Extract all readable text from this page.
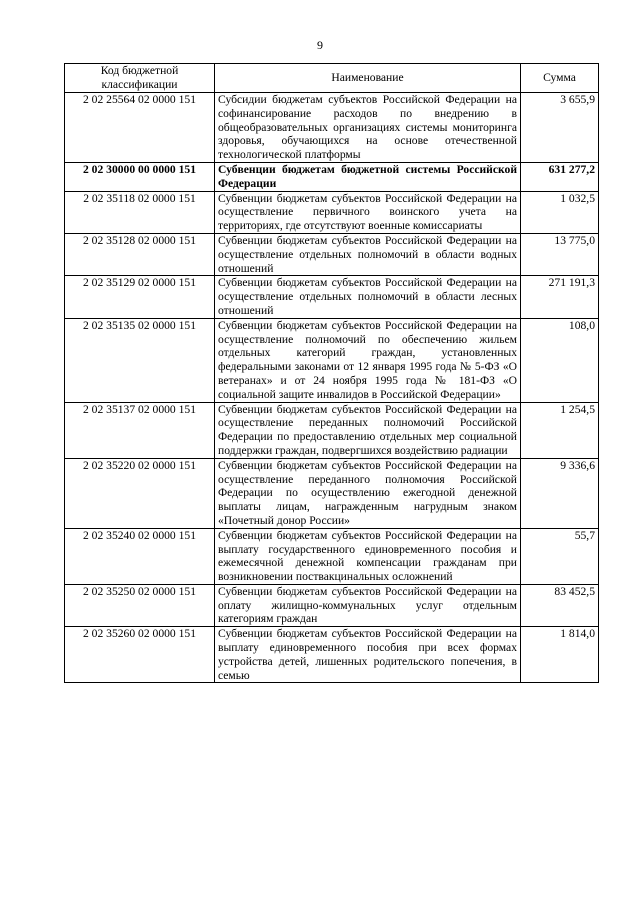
9
Код бюджетной классификации	Наименование	Сумма
2 02 25564 02 0000 151	Субсидии бюджетам субъектов Российской Федерации на софинансирование расходов по внедрению в общеобразовательных организациях системы мониторинга здоровья, обучающихся на основе отечественной технологической платформы	3 655,9
2 02 30000 00 0000 151	Субвенции бюджетам бюджетной системы Российской Федерации	631 277,2
2 02 35118 02 0000 151	Субвенции бюджетам субъектов Российской Федерации на осуществление первичного воинского учета на территориях, где отсутствуют военные комиссариаты	1 032,5
2 02 35128 02 0000 151	Субвенции бюджетам субъектов Российской Федерации на осуществление отдельных полномочий в области водных отношений	13 775,0
2 02 35129 02 0000 151	Субвенции бюджетам субъектов Российской Федерации на осуществление отдельных полномочий в области лесных отношений	271 191,3
2 02 35135 02 0000 151	Субвенции бюджетам субъектов Российской Федерации на осуществление полномочий по обеспечению жильем отдельных категорий граждан, установленных федеральными законами от 12 января 1995 года № 5-ФЗ «О ветеранах» и от 24 ноября 1995 года № 181-ФЗ «О социальной защите инвалидов в Российской Федерации»	108,0
2 02 35137 02 0000 151	Субвенции бюджетам субъектов Российской Федерации на осуществление переданных полномочий Российской Федерации по предоставлению отдельных мер социальной поддержки граждан, подвергшихся воздействию радиации	1 254,5
2 02 35220 02 0000 151	Субвенции бюджетам субъектов Российской Федерации на осуществление переданного полномочия Российской Федерации по осуществлению ежегодной денежной выплаты лицам, награжденным нагрудным знаком «Почетный донор России»	9 336,6
2 02 35240 02 0000 151	Субвенции бюджетам субъектов Российской Федерации на выплату государственного единовременного пособия и ежемесячной денежной компенсации гражданам при возникновении поствакцинальных осложнений	55,7
2 02 35250 02 0000 151	Субвенции бюджетам субъектов Российской Федерации на оплату жилищно-коммунальных услуг отдельным категориям граждан	83 452,5
2 02 35260 02 0000 151	Субвенции бюджетам субъектов Российской Федерации на выплату единовременного пособия при всех формах устройства детей, лишенных родительского попечения, в семью	1 814,0
